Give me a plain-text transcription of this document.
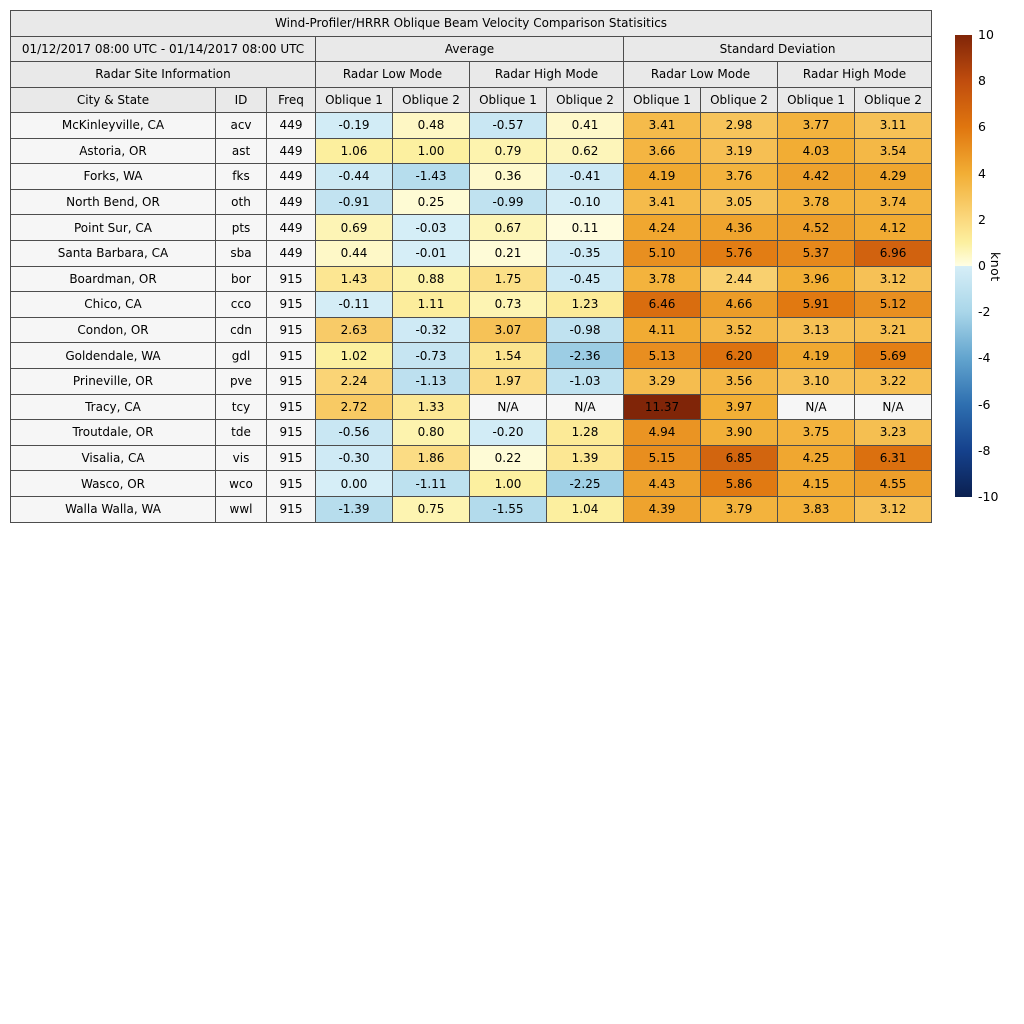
Wind-Profiler/HRRR Oblique Beam Velocity Comparison Statisitics										
01/12/2017 08:00 UTC - 01/14/2017 08:00 UTC			Average				Standard Deviation			
Radar Site Information			Radar Low Mode		Radar High Mode		Radar Low Mode		Radar High Mode	
City & State	ID	Freq	Oblique 1	Oblique 2	Oblique 1	Oblique 2	Oblique 1	Oblique 2	Oblique 1	Oblique 2
McKinleyville, CA	acv	449	-0.19	0.48	-0.57	0.41	3.41	2.98	3.77	3.11
Astoria, OR	ast	449	1.06	1.00	0.79	0.62	3.66	3.19	4.03	3.54
Forks, WA	fks	449	-0.44	-1.43	0.36	-0.41	4.19	3.76	4.42	4.29
North Bend, OR	oth	449	-0.91	0.25	-0.99	-0.10	3.41	3.05	3.78	3.74
Point Sur, CA	pts	449	0.69	-0.03	0.67	0.11	4.24	4.36	4.52	4.12
Santa Barbara, CA	sba	449	0.44	-0.01	0.21	-0.35	5.10	5.76	5.37	6.96
Boardman, OR	bor	915	1.43	0.88	1.75	-0.45	3.78	2.44	3.96	3.12
Chico, CA	cco	915	-0.11	1.11	0.73	1.23	6.46	4.66	5.91	5.12
Condon, OR	cdn	915	2.63	-0.32	3.07	-0.98	4.11	3.52	3.13	3.21
Goldendale, WA	gdl	915	1.02	-0.73	1.54	-2.36	5.13	6.20	4.19	5.69
Prineville, OR	pve	915	2.24	-1.13	1.97	-1.03	3.29	3.56	3.10	3.22
Tracy, CA	tcy	915	2.72	1.33	N/A	N/A	11.37	3.97	N/A	N/A
Troutdale, OR	tde	915	-0.56	0.80	-0.20	1.28	4.94	3.90	3.75	3.23
Visalia, CA	vis	915	-0.30	1.86	0.22	1.39	5.15	6.85	4.25	6.31
Wasco, OR	wco	915	0.00	-1.11	1.00	-2.25	4.43	5.86	4.15	4.55
Walla Walla, WA	wwl	915	-1.39	0.75	-1.55	1.04	4.39	3.79	3.83	3.12
10
8
6
4
2
0
-2
-4
-6
-8
-10
knot
